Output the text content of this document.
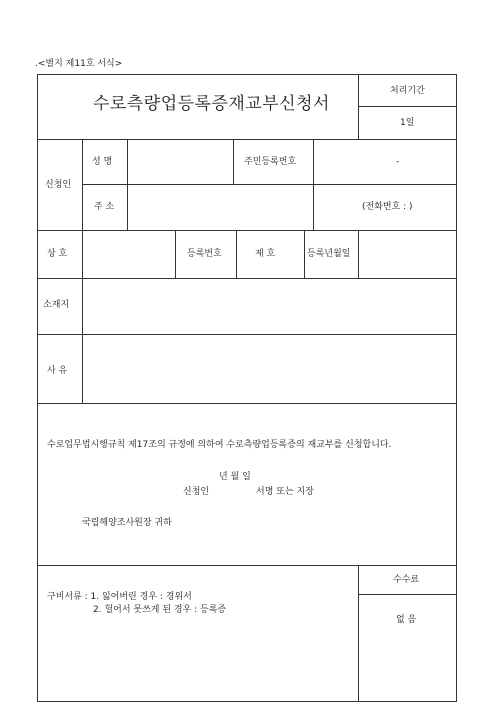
.<별지 제11호 서식>
수로측량업등록증재교부신청서
처리기간
1일
신청인
성 명	주민등록번호	-
주 소	(전화번호 : )
상 호	등록번호	제 호	등록년월일
소재지
사 유
수로업무법시행규칙 제17조의 규정에 의하여 수로측량업등록증의 재교부를 신청합니다.
년 월 일
신청인	서명 또는 지장
국립해양조사원장 귀하
구비서류 : 1. 잃어버린 경우 : 경위서
2. 헐어서 못쓰게 된 경우 : 등록증
수수료
없 음
